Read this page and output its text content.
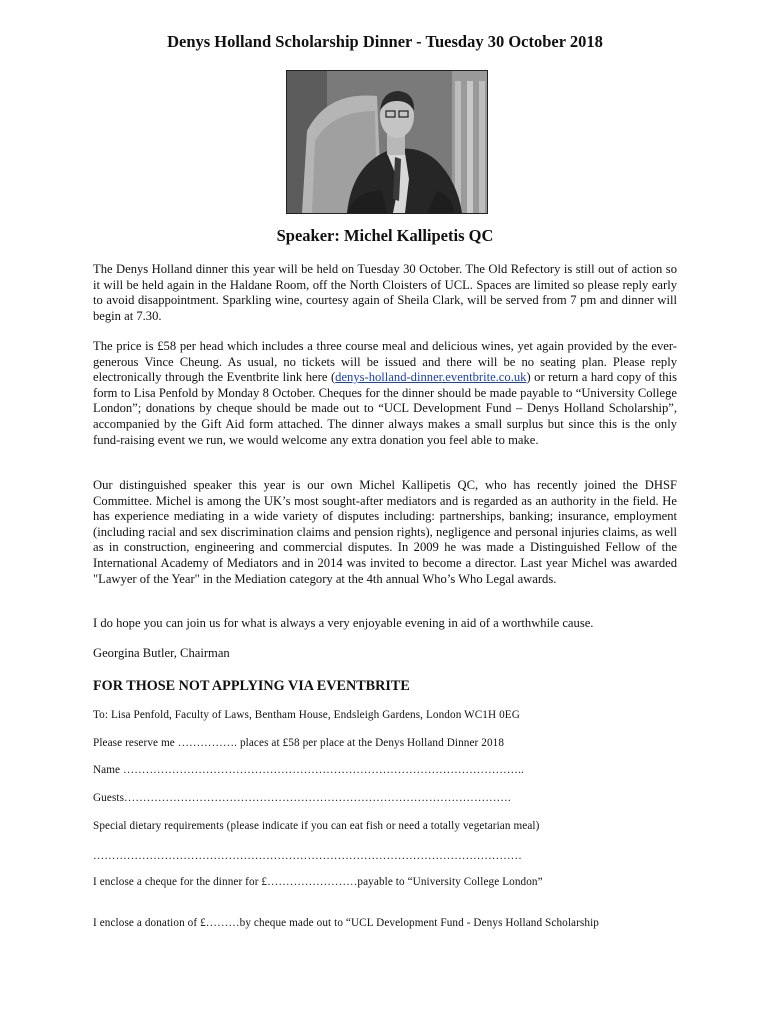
Denys Holland Scholarship Dinner - Tuesday 30 October 2018
Speaker: Michel Kallipetis QC

The Denys Holland dinner this year will be held on Tuesday 30 October. The Old Refectory is still out of action so it will be held again in the Haldane Room, off the North Cloisters of UCL. Spaces are limited so please reply early to avoid disappointment. Sparkling wine, courtesy again of Sheila Clark, will be served from 7 pm and dinner will begin at 7.30.

The price is £58 per head which includes a three course meal and delicious wines, yet again provided by the ever-generous Vince Cheung. As usual, no tickets will be issued and there will be no seating plan. Please reply electronically through the Eventbrite link here (denys-holland-dinner.eventbrite.co.uk) or return a hard copy of this form to Lisa Penfold by Monday 8 October. Cheques for the dinner should be made payable to “University College London”; donations by cheque should be made out to “UCL Development Fund – Denys Holland Scholarship”, accompanied by the Gift Aid form attached. The dinner always makes a small surplus but since this is the only fund-raising event we run, we would welcome any extra donation you feel able to make.

Our distinguished speaker this year is our own Michel Kallipetis QC, who has recently joined the DHSF Committee. Michel is among the UK’s most sought-after mediators and is regarded as an authority in the field. He has experience mediating in a wide variety of disputes including: partnerships, banking; insurance, employment (including racial and sex discrimination claims and pension rights), negligence and personal injuries claims, as well as in construction, engineering and commercial disputes. In 2009 he was made a Distinguished Fellow of the International Academy of Mediators and in 2014 was invited to become a director. Last year Michel was awarded "Lawyer of the Year" in the Mediation category at the 4th annual Who’s Who Legal awards.

I do hope you can join us for what is always a very enjoyable evening in aid of a worthwhile cause.

Georgina Butler, Chairman

FOR THOSE NOT APPLYING VIA EVENTBRITE

To: Lisa Penfold, Faculty of Laws, Bentham House, Endsleigh Gardens, London WC1H 0EG

Please reserve me ……………. places at £58 per place at the Denys Holland Dinner 2018

Name ……………………………………………………………………………………………..

Guests………………………………………………………………………………………….

Special dietary requirements (please indicate if you can eat fish or need a totally vegetarian meal)

……………………………………………………………………………………………………

I enclose a cheque for the dinner for £……………………payable to “University College London”

I enclose a donation of £………by cheque made out to “UCL Development Fund - Denys Holland Scholarship
